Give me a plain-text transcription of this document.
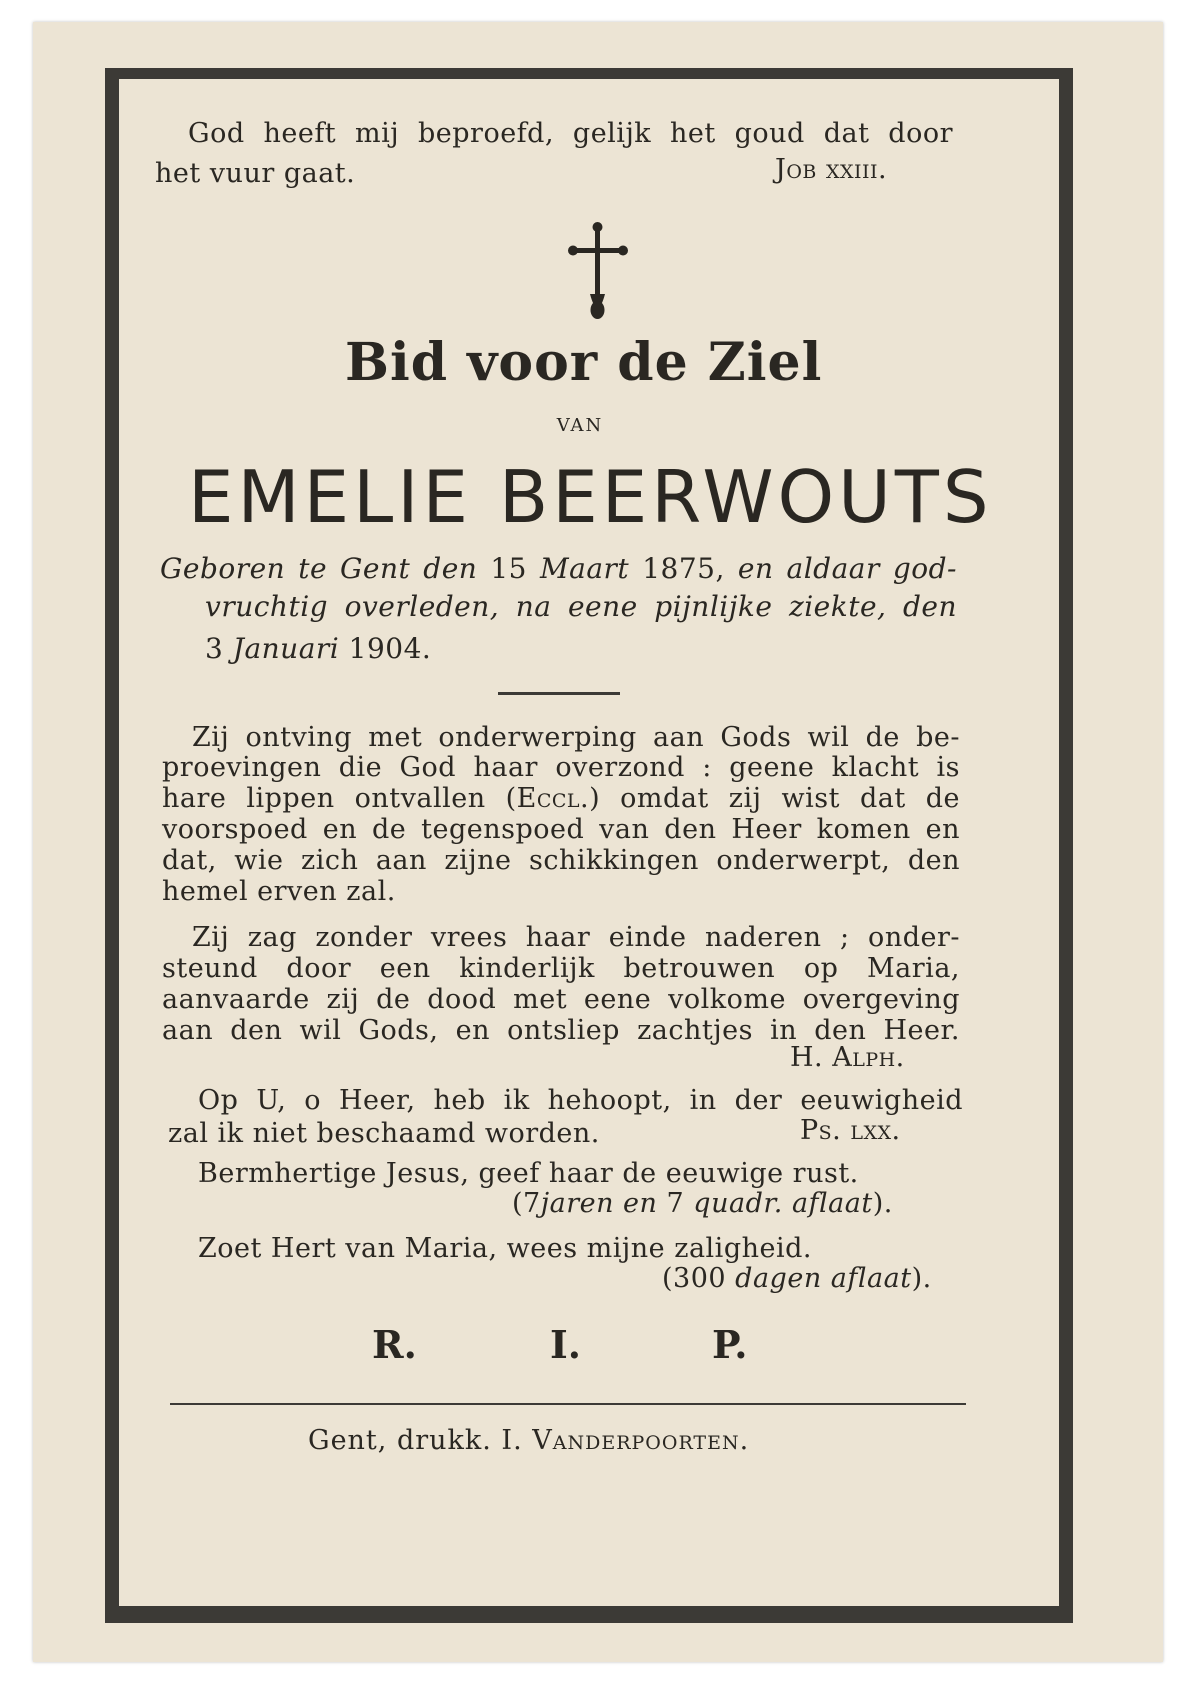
God heeft mij beproefd, gelijk het goud dat door
het vuur gaat.	Job xxiii.
Bid voor de Ziel
van
EMELIE BEERWOUTS
Geboren te Gent den 15 Maart 1875, en aldaar god-
vruchtig overleden, na eene pijnlijke ziekte, den
3 Januari 1904.
Zij ontving met onderwerping aan Gods wil de be-
proevingen die God haar overzond : geene klacht is
hare lippen ontvallen (Eccl.) omdat zij wist dat de
voorspoed en de tegenspoed van den Heer komen en
dat, wie zich aan zijne schikkingen onderwerpt, den
hemel erven zal.
Zij zag zonder vrees haar einde naderen ; onder-
steund door een kinderlijk betrouwen op Maria,
aanvaarde zij de dood met eene volkome overgeving
aan den wil Gods, en ontsliep zachtjes in den Heer.
H. Alph.
Op U, o Heer, heb ik hehoopt, in der eeuwigheid
zal ik niet beschaamd worden.	Ps. lxx.
Bermhertige Jesus, geef haar de eeuwige rust.
(7jaren en 7 quadr. aflaat).
Zoet Hert van Maria, wees mijne zaligheid.
(300 dagen aflaat).
R.	I.	P.
Gent, drukk. I. Vanderpoorten.
